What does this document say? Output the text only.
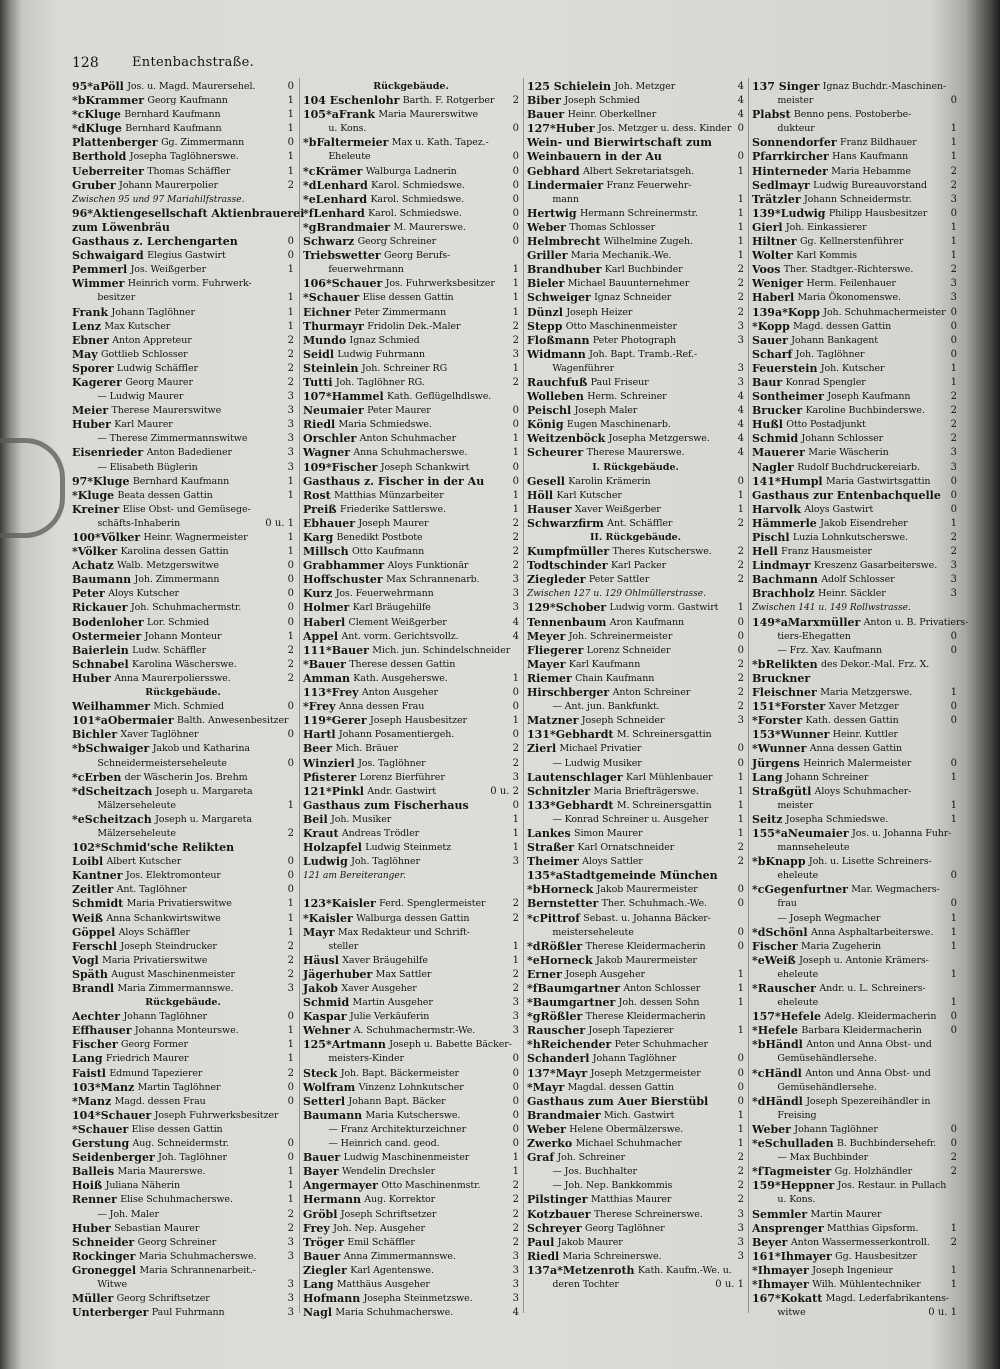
128	Entenbachstraße.
0
95*aPöll Jos. u. Magd. Maurersehel.
1
*bKrammer Georg Kaufmann
1
*cKluge Bernhard Kaufmann
1
*dKluge Bernhard Kaufmann
0
Plattenberger Gg. Zimmermann
1
Berthold Josepha Taglöhnerswe.
1
Ueberreiter Thomas Schäffler
2
Gruber Johann Maurerpolier
Zwischen 95 und 97 Mariahilfstrasse.
96*Aktiengesellschaft Aktienbrauerei
zum Löwenbräu
0
Gasthaus z. Lerchengarten
0
Schwaigard Elegius Gastwirt
1
Pemmerl Jos. Weißgerber
Wimmer Heinrich vorm. Fuhrwerk-
1
besitzer
1
Frank Johann Taglöhner
1
Lenz Max Kutscher
2
Ebner Anton Appreteur
2
May Gottlieb Schlosser
2
Sporer Ludwig Schäffler
2
Kagerer Georg Maurer
3
— Ludwig Maurer
3
Meier Therese Maurerswitwe
3
Huber Karl Maurer
3
— Therese Zimmermannswitwe
3
Eisenrieder Anton Badediener
3
— Elisabeth Büglerin
1
97*Kluge Bernhard Kaufmann
1
*Kluge Beata dessen Gattin
Kreiner Elise Obst- und Gemüsege-
0 u. 1
schäfts-Inhaberin
1
100*Völker Heinr. Wagnermeister
1
*Völker Karolina dessen Gattin
0
Achatz Walb. Metzgerswitwe
0
Baumann Joh. Zimmermann
0
Peter Aloys Kutscher
0
Rickauer Joh. Schuhmachermstr.
0
Bodenloher Lor. Schmied
1
Ostermeier Johann Monteur
2
Baierlein Ludw. Schäffler
2
Schnabel Karolina Wäscherswe.
2
Huber Anna Maurerpoliersswe.
Rückgebäude.
0
Weilhammer Mich. Schmied
101*aObermaier Balth. Anwesenbesitzer
0
Bichler Xaver Taglöhner
*bSchwaiger Jakob und Katharina
0
Schneidermeisterseheleute
*cErben der Wäscherin Jos. Brehm
*dScheitzach Joseph u. Margareta
1
Mälzerseheleute
*eScheitzach Joseph u. Margareta
2
Mälzerseheleute
102*Schmid'sche Relikten
0
Loibl Albert Kutscher
0
Kantner Jos. Elektromonteur
0
Zeitler Ant. Taglöhner
1
Schmidt Maria Privatierswitwe
1
Weiß Anna Schankwirtswitwe
1
Göppel Aloys Schäffler
2
Ferschl Joseph Steindrucker
2
Vogl Maria Privatierswitwe
2
Späth August Maschinenmeister
3
Brandl Maria Zimmermannswe.
Rückgebäude.
0
Aechter Johann Taglöhner
1
Effhauser Johanna Monteurswe.
1
Fischer Georg Former
1
Lang Friedrich Maurer
2
Faistl Edmund Tapezierer
0
103*Manz Martin Taglöhner
0
*Manz Magd. dessen Frau
104*Schauer Joseph Fuhrwerksbesitzer
*Schauer Elise dessen Gattin
0
Gerstung Aug. Schneidermstr.
0
Seidenberger Joh. Taglöhner
1
Balleis Maria Maurerswe.
1
Hoiß Juliana Näherin
1
Renner Elise Schuhmacherswe.
2
— Joh. Maler
2
Huber Sebastian Maurer
3
Schneider Georg Schreiner
3
Rockinger Maria Schuhmacherswe.
Groneggel Maria Schrannenarbeit.-
3
Witwe
3
Müller Georg Schriftsetzer
3
Unterberger Paul Fuhrmann
Rückgebäude.
2
104 Eschenlohr Barth. F. Rotgerber
105*aFrank Maria Maurerswitwe
0
u. Kons.
*bFaltermeier Max u. Kath. Tapez.-
0
Eheleute
0
*cKrämer Walburga Ladnerin
0
*dLenhard Karol. Schmiedswe.
0
*eLenhard Karol. Schmiedswe.
0
*fLenhard Karol. Schmiedswe.
0
*gBrandmaier M. Maurerswe.
0
Schwarz Georg Schreiner
Triebswetter Georg Berufs-
1
feuerwehrmann
1
106*Schauer Jos. Fuhrwerksbesitzer
1
*Schauer Elise dessen Gattin
1
Eichner Peter Zimmermann
2
Thurmayr Fridolin Dek.-Maler
2
Mundo Ignaz Schmied
3
Seidl Ludwig Fuhrmann
1
Steinlein Joh. Schreiner RG
2
Tutti Joh. Taglöhner RG.
107*Hammel Kath. Geflügelhdlswe.
0
Neumaier Peter Maurer
0
Riedl Maria Schmiedswe.
1
Orschler Anton Schuhmacher
1
Wagner Anna Schuhmacherswe.
0
109*Fischer Joseph Schankwirt
0
Gasthaus z. Fischer in der Au
1
Rost Matthias Münzarbeiter
1
Preiß Friederike Sattlerswe.
2
Ebhauer Joseph Maurer
2
Karg Benedikt Postbote
2
Millsch Otto Kaufmann
2
Grabhammer Aloys Funktionär
3
Hoffschuster Max Schrannenarb.
3
Kurz Jos. Feuerwehrmann
3
Holmer Karl Bräugehilfe
4
Haberl Clement Weißgerber
4
Appel Ant. vorm. Gerichtsvollz.
111*Bauer Mich. jun. Schindelschneider
*Bauer Therese dessen Gattin
1
Amman Kath. Ausgeherswe.
0
113*Frey Anton Ausgeher
0
*Frey Anna dessen Frau
1
119*Gerer Joseph Hausbesitzer
0
Hartl Johann Posamentiergeh.
2
Beer Mich. Bräuer
2
Winzierl Jos. Taglöhner
3
Pfisterer Lorenz Bierführer
0 u. 2
121*Pinkl Andr. Gastwirt
0
Gasthaus zum Fischerhaus
1
Beil Joh. Musiker
1
Kraut Andreas Trödler
1
Holzapfel Ludwig Steinmetz
3
Ludwig Joh. Taglöhner
121 am Bereiteranger.

2
123*Kaisler Ferd. Spenglermeister
2
*Kaisler Walburga dessen Gattin
Mayr Max Redakteur und Schrift-
1
steller
1
Häusl Xaver Bräugehilfe
2
Jägerhuber Max Sattler
2
Jakob Xaver Ausgeher
3
Schmid Martin Ausgeher
3
Kaspar Julie Verkäuferin
3
Wehner A. Schuhmachermstr.-We.
125*Artmann Joseph u. Babette Bäcker-
0
meisters-Kinder
0
Steck Joh. Bapt. Bäckermeister
0
Wolfram Vinzenz Lohnkutscher
0
Setterl Johann Bapt. Bäcker
0
Baumann Maria Kutscherswe.
0
— Franz Architekturzeichner
0
— Heinrich cand. geod.
1
Bauer Ludwig Maschinenmeister
1
Bayer Wendelin Drechsler
2
Angermayer Otto Maschinenmstr.
2
Hermann Aug. Korrektor
2
Gröbl Joseph Schriftsetzer
2
Frey Joh. Nep. Ausgeher
2
Tröger Emil Schäffler
3
Bauer Anna Zimmermannswe.
3
Ziegler Karl Agentenswe.
3
Lang Matthäus Ausgeher
3
Hofmann Josepha Steinmetzswe.
4
Nagl Maria Schuhmacherswe.
4
125 Schielein Joh. Metzger
4
Biber Joseph Schmied
4
Bauer Heinr. Oberkellner
0
127*Huber Jos. Metzger u. dess. Kinder
Wein- und Bierwirtschaft zum
0
Weinbauern in der Au
1
Gebhard Albert Sekretariatsgeh.
Lindermaier Franz Feuerwehr-
1
mann
1
Hertwig Hermann Schreinermstr.
1
Weber Thomas Schlosser
1
Helmbrecht Wilhelmine Zugeh.
1
Griller Maria Mechanik.-We.
2
Brandhuber Karl Buchbinder
2
Bieler Michael Bauunternehmer
2
Schweiger Ignaz Schneider
2
Dünzl Joseph Heizer
3
Stepp Otto Maschinenmeister
3
Floßmann Peter Photograph
Widmann Joh. Bapt. Tramb.-Ref.-
3
Wagenführer
3
Rauchfuß Paul Friseur
4
Wolleben Herm. Schreiner
4
Peischl Joseph Maler
4
König Eugen Maschinenarb.
4
Weitzenböck Josepha Metzgerswe.
4
Scheurer Therese Maurerswe.
I. Rückgebäude.
0
Gesell Karolin Krämerin
1
Höll Karl Kutscher
1
Hauser Xaver Weißgerber
2
Schwarzfirm Ant. Schäffler
II. Rückgebäude.
2
Kumpfmüller Theres Kutscherswe.
2
Todtschinder Karl Packer
2
Ziegleder Peter Sattler
Zwischen 127 u. 129 Ohlmüllerstrasse.
1
129*Schober Ludwig vorm. Gastwirt
0
Tennenbaum Aron Kaufmann
0
Meyer Joh. Schreinermeister
0
Fliegerer Lorenz Schneider
2
Mayer Karl Kaufmann
2
Riemer Chain Kaufmann
2
Hirschberger Anton Schreiner
2
— Ant. jun. Bankfunkt.
3
Matzner Joseph Schneider
131*Gebhardt M. Schreinersgattin
0
Zierl Michael Privatier
0
— Ludwig Musiker
1
Lautenschlager Karl Mühlenbauer
1
Schnitzler Maria Briefträgerswe.
1
133*Gebhardt M. Schreinersgattin
1
— Konrad Schreiner u. Ausgeher
1
Lankes Simon Maurer
2
Straßer Karl Ornatschneider
2
Theimer Aloys Sattler
135*aStadtgemeinde München
0
*bHorneck Jakob Maurermeister
0
Bernstetter Ther. Schuhmach.-We.
*cPittrof Sebast. u. Johanna Bäcker-
0
meisterseheleute
0
*dRößler Therese Kleidermacherin
*eHorneck Jakob Maurermeister
1
Erner Joseph Ausgeher
1
*fBaumgartner Anton Schlosser
1
*Baumgartner Joh. dessen Sohn
*gRößler Therese Kleidermacherin
1
Rauscher Joseph Tapezierer
*hReichender Peter Schuhmacher
0
Schanderl Johann Taglöhner
0
137*Mayr Joseph Metzgermeister
0
*Mayr Magdal. dessen Gattin
0
Gasthaus zum Auer Bierstübl
1
Brandmaier Mich. Gastwirt
1
Weber Helene Obermälzerswe.
1
Zwerko Michael Schuhmacher
2
Graf Joh. Schreiner
2
— Jos. Buchhalter
2
— Joh. Nep. Bankkommis
2
Pilstinger Matthias Maurer
3
Kotzbauer Therese Schreinerswe.
3
Schreyer Georg Taglöhner
3
Paul Jakob Maurer
3
Riedl Maria Schreinerswe.
137a*Metzenroth Kath. Kaufm.-We. u.
0 u. 1
deren Tochter
137 Singer Ignaz Buchdr.-Maschinen-
0
meister
Plabst Benno pens. Postoberbe-
1
dukteur
1
Sonnendorfer Franz Bildhauer
1
Pfarrkircher Hans Kaufmann
2
Hinterneder Maria Hebamme
2
Sedlmayr Ludwig Bureauvorstand
3
Trätzler Johann Schneidermstr.
0
139*Ludwig Philipp Hausbesitzer
1
Gierl Joh. Einkassierer
1
Hiltner Gg. Kellnerstenführer
1
Wolter Karl Kommis
2
Voos Ther. Stadtger.-Richterswe.
3
Weniger Herm. Feilenhauer
3
Haberl Maria Ökonomenswe.
0
139a*Kopp Joh. Schuhmachermeister
0
*Kopp Magd. dessen Gattin
0
Sauer Johann Bankagent
0
Scharf Joh. Taglöhner
1
Feuerstein Joh. Kutscher
1
Baur Konrad Spengler
2
Sontheimer Joseph Kaufmann
2
Brucker Karoline Buchbinderswe.
2
Hußl Otto Postadjunkt
2
Schmid Johann Schlosser
3
Mauerer Marie Wäscherin
3
Nagler Rudolf Buchdruckereiarb.
0
141*Humpl Maria Gastwirtsgattin
0
Gasthaus zur Entenbachquelle
0
Harvolk Aloys Gastwirt
1
Hämmerle Jakob Eisendreher
2
Pischl Luzia Lohnkutscherswe.
2
Hell Franz Hausmeister
3
Lindmayr Kreszenz Gasarbeiterswe.
3
Bachmann Adolf Schlosser
3
Brachholz Heinr. Säckler
Zwischen 141 u. 149 Rollwstrasse.
149*aMarxmüller Anton u. B. Privatiers-
0
tiers-Ehegatten
0
— Frz. Xav. Kaufmann
*bRelikten des Dekor.-Mal. Frz. X.
Bruckner
1
Fleischner Maria Metzgerswe.
0
151*Forster Xaver Metzger
0
*Forster Kath. dessen Gattin
153*Wunner Heinr. Kuttler
*Wunner Anna dessen Gattin
0
Jürgens Heinrich Malermeister
1
Lang Johann Schreiner
Straßgütl Aloys Schuhmacher-
1
meister
1
Seitz Josepha Schmiedswe.
155*aNeumaier Jos. u. Johanna Fuhr-
mannseheleute
*bKnapp Joh. u. Lisette Schreiners-
0
eheleute
*cGegenfurtner Mar. Wegmachers-
0
frau
1
— Joseph Wegmacher
1
*dSchönl Anna Asphaltarbeiterswe.
1
Fischer Maria Zugeherin
*eWeiß Joseph u. Antonie Krämers-
1
eheleute
*Rauscher Andr. u. L. Schreiners-
1
eheleute
0
157*Hefele Adelg. Kleidermacherin
0
*Hefele Barbara Kleidermacherin
*bHändl Anton und Anna Obst- und
Gemüsehändlersehe.
*cHändl Anton und Anna Obst- und
Gemüsehändlersehe.
*dHändl Joseph Spezereihändler in
Freising
0
Weber Johann Taglöhner
0
*eSchulladen B. Buchbindersehefr.
2
— Max Buchbinder
2
*fTagmeister Gg. Holzhändler
159*Heppner Jos. Restaur. in Pullach
u. Kons.
Semmler Martin Maurer
1
Ansprenger Matthias Gipsform.
2
Beyer Anton Wassermesserkontroll.
161*Ihmayer Gg. Hausbesitzer
1
*Ihmayer Joseph Ingenieur
1
*Ihmayer Wilh. Mühlentechniker
167*Kokatt Magd. Lederfabrikantens-
0 u. 1
witwe
